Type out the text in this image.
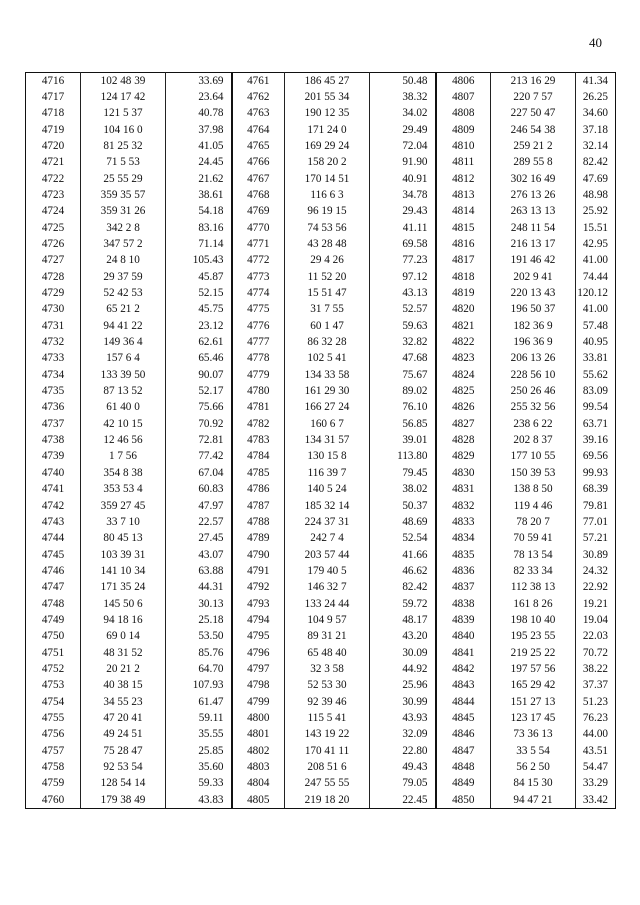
40
4716	102 48 39	33.69	4761	186 45 27	50.48	4806	213 16 29	41.34
4717	124 17 42	23.64	4762	201 55 34	38.32	4807	220 7 57	26.25
4718	121 5 37	40.78	4763	190 12 35	34.02	4808	227 50 47	34.60
4719	104 16 0	37.98	4764	171 24 0	29.49	4809	246 54 38	37.18
4720	81 25 32	41.05	4765	169 29 24	72.04	4810	259 21 2	32.14
4721	71 5 53	24.45	4766	158 20 2	91.90	4811	289 55 8	82.42
4722	25 55 29	21.62	4767	170 14 51	40.91	4812	302 16 49	47.69
4723	359 35 57	38.61	4768	116 6 3	34.78	4813	276 13 26	48.98
4724	359 31 26	54.18	4769	96 19 15	29.43	4814	263 13 13	25.92
4725	342 2 8	83.16	4770	74 53 56	41.11	4815	248 11 54	15.51
4726	347 57 2	71.14	4771	43 28 48	69.58	4816	216 13 17	42.95
4727	24 8 10	105.43	4772	29 4 26	77.23	4817	191 46 42	41.00
4728	29 37 59	45.87	4773	11 52 20	97.12	4818	202 9 41	74.44
4729	52 42 53	52.15	4774	15 51 47	43.13	4819	220 13 43	120.12
4730	65 21 2	45.75	4775	31 7 55	52.57	4820	196 50 37	41.00
4731	94 41 22	23.12	4776	60 1 47	59.63	4821	182 36 9	57.48
4732	149 36 4	62.61	4777	86 32 28	32.82	4822	196 36 9	40.95
4733	157 6 4	65.46	4778	102 5 41	47.68	4823	206 13 26	33.81
4734	133 39 50	90.07	4779	134 33 58	75.67	4824	228 56 10	55.62
4735	87 13 52	52.17	4780	161 29 30	89.02	4825	250 26 46	83.09
4736	61 40 0	75.66	4781	166 27 24	76.10	4826	255 32 56	99.54
4737	42 10 15	70.92	4782	160 6 7	56.85	4827	238 6 22	63.71
4738	12 46 56	72.81	4783	134 31 57	39.01	4828	202 8 37	39.16
4739	1 7 56	77.42	4784	130 15 8	113.80	4829	177 10 55	69.56
4740	354 8 38	67.04	4785	116 39 7	79.45	4830	150 39 53	99.93
4741	353 53 4	60.83	4786	140 5 24	38.02	4831	138 8 50	68.39
4742	359 27 45	47.97	4787	185 32 14	50.37	4832	119 4 46	79.81
4743	33 7 10	22.57	4788	224 37 31	48.69	4833	78 20 7	77.01
4744	80 45 13	27.45	4789	242 7 4	52.54	4834	70 59 41	57.21
4745	103 39 31	43.07	4790	203 57 44	41.66	4835	78 13 54	30.89
4746	141 10 34	63.88	4791	179 40 5	46.62	4836	82 33 34	24.32
4747	171 35 24	44.31	4792	146 32 7	82.42	4837	112 38 13	22.92
4748	145 50 6	30.13	4793	133 24 44	59.72	4838	161 8 26	19.21
4749	94 18 16	25.18	4794	104 9 57	48.17	4839	198 10 40	19.04
4750	69 0 14	53.50	4795	89 31 21	43.20	4840	195 23 55	22.03
4751	48 31 52	85.76	4796	65 48 40	30.09	4841	219 25 22	70.72
4752	20 21 2	64.70	4797	32 3 58	44.92	4842	197 57 56	38.22
4753	40 38 15	107.93	4798	52 53 30	25.96	4843	165 29 42	37.37
4754	34 55 23	61.47	4799	92 39 46	30.99	4844	151 27 13	51.23
4755	47 20 41	59.11	4800	115 5 41	43.93	4845	123 17 45	76.23
4756	49 24 51	35.55	4801	143 19 22	32.09	4846	73 36 13	44.00
4757	75 28 47	25.85	4802	170 41 11	22.80	4847	33 5 54	43.51
4758	92 53 54	35.60	4803	208 51 6	49.43	4848	56 2 50	54.47
4759	128 54 14	59.33	4804	247 55 55	79.05	4849	84 15 30	33.29
4760	179 38 49	43.83	4805	219 18 20	22.45	4850	94 47 21	33.42
